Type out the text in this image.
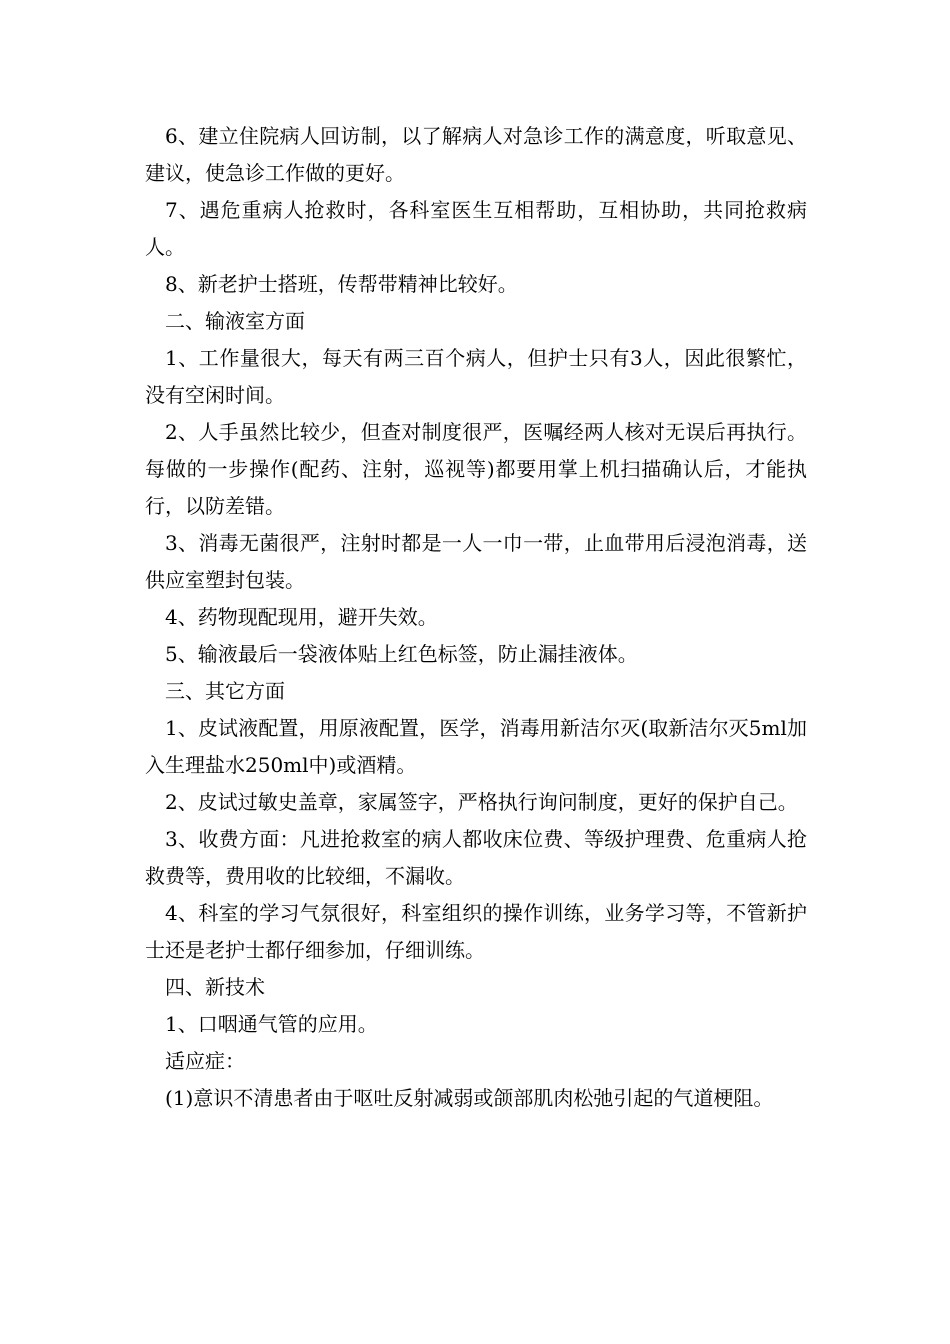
6、建立住院病人回访制，以了解病人对急诊工作的满意度，听取意见、建议，使急诊工作做的更好。

7、遇危重病人抢救时，各科室医生互相帮助，互相协助，共同抢救病人。

8、新老护士搭班，传帮带精神比较好。

二、输液室方面

1、工作量很大，每天有两三百个病人，但护士只有3人，因此很繁忙，没有空闲时间。

2、人手虽然比较少，但查对制度很严，医嘱经两人核对无误后再执行。每做的一步操作(配药、注射，巡视等)都要用掌上机扫描确认后，才能执行，以防差错。

3、消毒无菌很严，注射时都是一人一巾一带，止血带用后浸泡消毒，送供应室塑封包装。

4、药物现配现用，避开失效。

5、输液最后一袋液体贴上红色标签，防止漏挂液体。

三、其它方面

1、皮试液配置，用原液配置，医学，消毒用新洁尔灭(取新洁尔灭5ml加入生理盐水250ml中)或酒精。

2、皮试过敏史盖章，家属签字，严格执行询问制度，更好的保护自己。

3、收费方面：凡进抢救室的病人都收床位费、等级护理费、危重病人抢救费等，费用收的比较细，不漏收。

4、科室的学习气氛很好，科室组织的操作训练，业务学习等，不管新护士还是老护士都仔细参加，仔细训练。

四、新技术

1、口咽通气管的应用。

适应症：

(1)意识不清患者由于呕吐反射减弱或颌部肌肉松弛引起的气道梗阻。
